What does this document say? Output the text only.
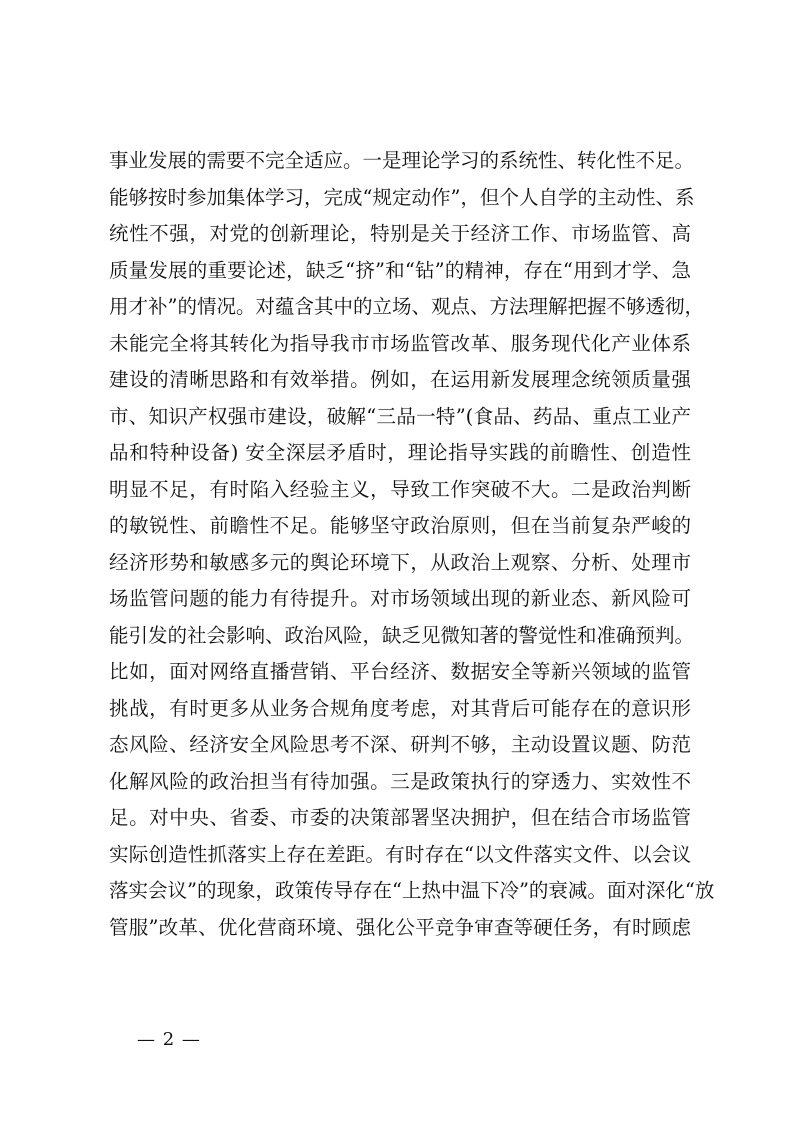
事业发展的需要不完全适应。一是理论学习的系统性、转化性不足。
能够按时参加集体学习，完成“规定动作”，但个人自学的主动性、系
统性不强，对党的创新理论，特别是关于经济工作、市场监管、高
质量发展的重要论述，缺乏“挤”和“钻”的精神，存在“用到才学、急
用才补”的情况。对蕴含其中的立场、观点、方法理解把握不够透彻，
未能完全将其转化为指导我市市场监管改革、服务现代化产业体系
建设的清晰思路和有效举措。例如，在运用新发展理念统领质量强
市、知识产权强市建设，破解“三品一特”(食品、药品、重点工业产
品和特种设备) 安全深层矛盾时，理论指导实践的前瞻性、创造性
明显不足，有时陷入经验主义，导致工作突破不大。二是政治判断
的敏锐性、前瞻性不足。能够坚守政治原则，但在当前复杂严峻的
经济形势和敏感多元的舆论环境下，从政治上观察、分析、处理市
场监管问题的能力有待提升。对市场领域出现的新业态、新风险可
能引发的社会影响、政治风险，缺乏见微知著的警觉性和准确预判。
比如，面对网络直播营销、平台经济、数据安全等新兴领域的监管
挑战，有时更多从业务合规角度考虑，对其背后可能存在的意识形
态风险、经济安全风险思考不深、研判不够，主动设置议题、防范
化解风险的政治担当有待加强。三是政策执行的穿透力、实效性不
足。对中央、省委、市委的决策部署坚决拥护，但在结合市场监管
实际创造性抓落实上存在差距。有时存在“以文件落实文件、以会议
落实会议”的现象，政策传导存在“上热中温下冷”的衰减。面对深化“放
管服”改革、优化营商环境、强化公平竞争审查等硬任务，有时顾虑
— 2 —
